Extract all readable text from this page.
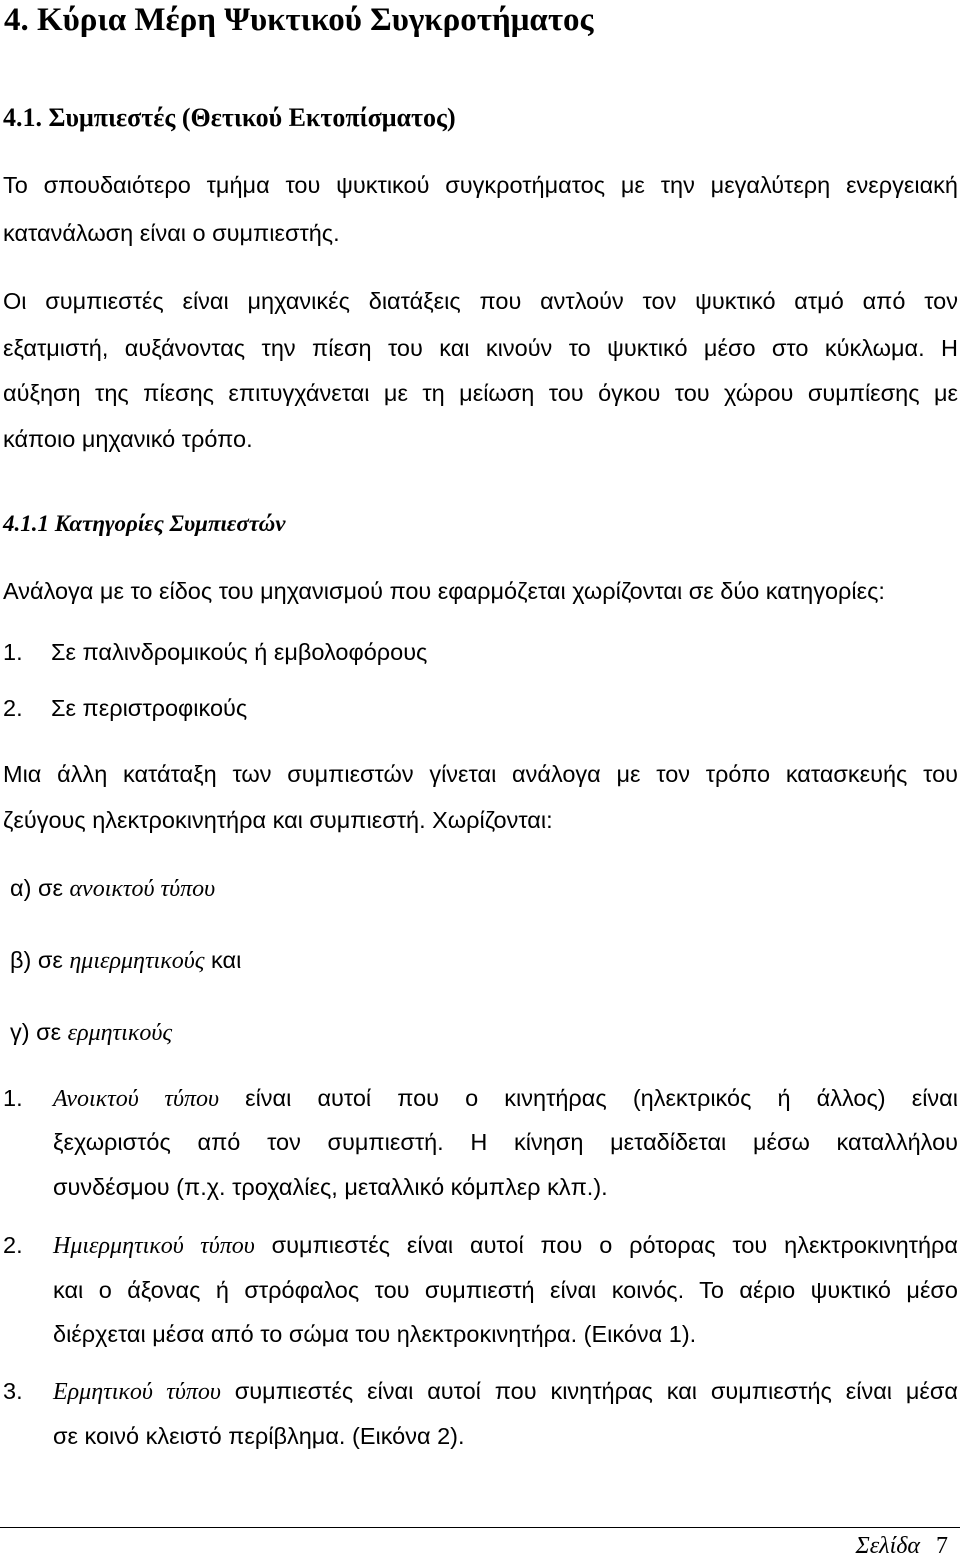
4. Κύρια Μέρη Ψυκτικού Συγκροτήματος
4.1. Συμπιεστές (Θετικού Εκτοπίσματος)

Το σπουδαιότερο τμήμα του ψυκτικού συγκροτήματος με την μεγαλύτερη ενεργειακή

κατανάλωση είναι ο συμπιεστής.

Οι συμπιεστές είναι μηχανικές διατάξεις που αντλούν τον ψυκτικό ατμό από τον

εξατμιστή, αυξάνοντας την πίεση του και κινούν το ψυκτικό μέσο στο κύκλωμα. Η

αύξηση της πίεσης επιτυγχάνεται με τη μείωση του όγκου του χώρου συμπίεσης με

κάποιο μηχανικό τρόπο.

4.1.1 Κατηγορίες Συμπιεστών

Ανάλογα με το είδος του μηχανισμού που εφαρμόζεται χωρίζονται σε δύο κατηγορίες:

1.	Σε παλινδρομικούς ή εμβολοφόρους
2.	Σε περιστροφικούς

Μια άλλη κατάταξη των συμπιεστών γίνεται ανάλογα με τον τρόπο κατασκευής του

ζεύγους ηλεκτροκινητήρα και συμπιεστή. Χωρίζονται:

α) σε ανοικτού τύπου

β) σε ημιερμητικούς και

γ) σε ερμητικούς

1.	Ανοικτού τύπου είναι αυτοί που ο κινητήρας (ηλεκτρικός ή άλλος) είναι

ξεχωριστός από τον συμπιεστή. Η κίνηση μεταδίδεται μέσω καταλλήλου

συνδέσμου (π.χ. τροχαλίες, μεταλλικό κόμπλερ κλπ.).

2.	Ημιερμητικού τύπου συμπιεστές είναι αυτοί που ο ρότορας του ηλεκτροκινητήρα

και ο άξονας ή στρόφαλος του συμπιεστή είναι κοινός. Το αέριο ψυκτικό μέσο

διέρχεται μέσα από το σώμα του ηλεκτροκινητήρα. (Εικόνα 1).

3.	Ερμητικού τύπου συμπιεστές είναι αυτοί που κινητήρας και συμπιεστής είναι μέσα

σε κοινό κλειστό περίβλημα. (Εικόνα 2).

Σελίδα 7
